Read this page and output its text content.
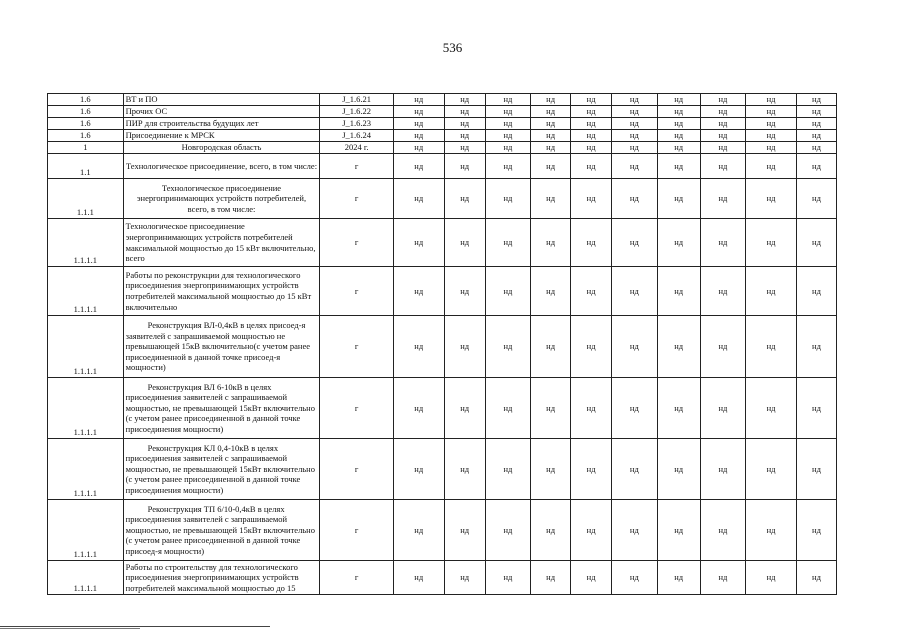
536
1.6	ВТ и ПО	J_1.6.21	нд	нд	нд	нд	нд	нд	нд	нд	нд	нд
1.6	Прочих ОС	J_1.6.22	нд	нд	нд	нд	нд	нд	нд	нд	нд	нд
1.6	ПИР для строительства будущих лет	J_1.6.23	нд	нд	нд	нд	нд	нд	нд	нд	нд	нд
1.6	Присоединение к МРСК	J_1.6.24	нд	нд	нд	нд	нд	нд	нд	нд	нд	нд
1	Новгородская область	2024 г.	нд	нд	нд	нд	нд	нд	нд	нд	нд	нд
1.1	Технологическое присоединение, всего, в том числе:	г	нд	нд	нд	нд	нд	нд	нд	нд	нд	нд
1.1.1	Технологическое присоединение энергопринимающих устройств потребителей, всего, в том числе:	г	нд	нд	нд	нд	нд	нд	нд	нд	нд	нд
1.1.1.1	Технологическое присоединение энергопринимающих устройств потребителей максимальной мощностью до 15 кВт включительно, всего	г	нд	нд	нд	нд	нд	нд	нд	нд	нд	нд
1.1.1.1	Работы по реконструкции для технологического присоединения энергопринимающих устройств потребителей максимальной мощностью до 15 кВт включительно	г	нд	нд	нд	нд	нд	нд	нд	нд	нд	нд
1.1.1.1	Реконструкция ВЛ-0,4кВ в целях присоед-я заявителей с запрашиваемой мощностью не превышающей 15кВ включительно(с учетом ранее присоединенной в данной точке присоед-я мощности)	г	нд	нд	нд	нд	нд	нд	нд	нд	нд	нд
1.1.1.1	Реконструкция ВЛ 6-10кВ в целях присоединения заявителей с запрашиваемой мощностью, не превышающей 15кВт включительно (с учетом ранее присоединенной в данной точке присоединения мощности)	г	нд	нд	нд	нд	нд	нд	нд	нд	нд	нд
1.1.1.1	Реконструкция КЛ 0,4-10кВ в целях присоединения заявителей с запрашиваемой мощностью, не превышающей 15кВт включительно (с учетом ранее присоединенной в данной точке присоединения мощности)	г	нд	нд	нд	нд	нд	нд	нд	нд	нд	нд
1.1.1.1	Реконструкция ТП 6/10-0,4кВ в целях присоединения заявителей с запрашиваемой мощностью, не превышающей 15кВт включительно (с учетом ранее присоединенной в данной точке присоед-я мощности)	г	нд	нд	нд	нд	нд	нд	нд	нд	нд	нд
1.1.1.1	Работы по строительству для технологического присоединения энергопринимающих устройств потребителей максимальной мощностью до 15	г	нд	нд	нд	нд	нд	нд	нд	нд	нд	нд
